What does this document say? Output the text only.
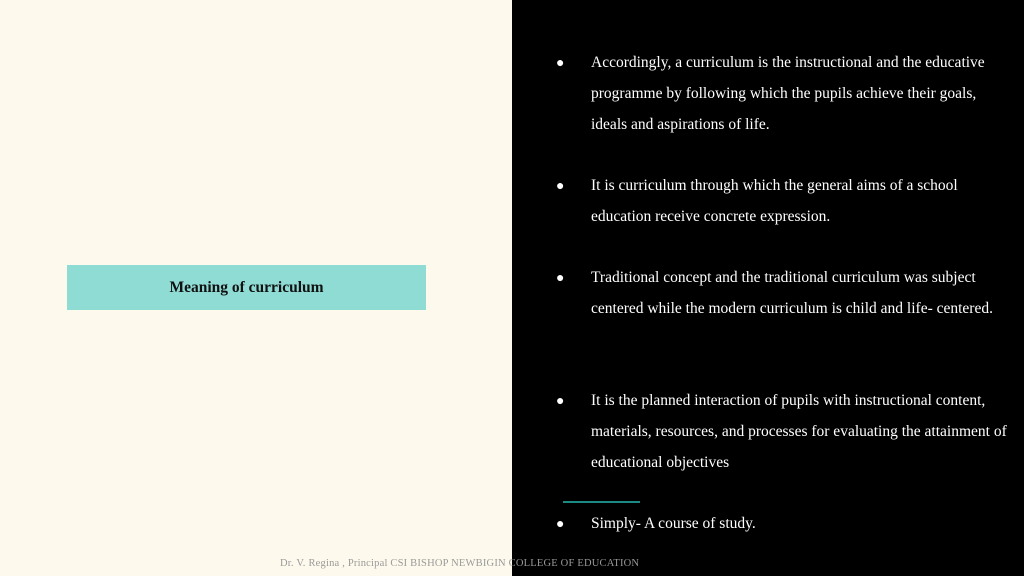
Meaning of curriculum
● Accordingly, a curriculum is the instructional and the educative programme by following which the pupils achieve their goals, ideals and aspirations of life.
● It is curriculum through which the general aims of a school education receive concrete expression.
● Traditional concept and the traditional curriculum was subject centered while the modern curriculum is child and life- centered.
● It is the planned interaction of pupils with instructional content, materials, resources, and processes for evaluating the attainment of educational objectives
● Simply- A course of study.
Dr. V. Regina , Principal CSI BISHOP NEWBIGIN COLLEGE OF EDUCATION
